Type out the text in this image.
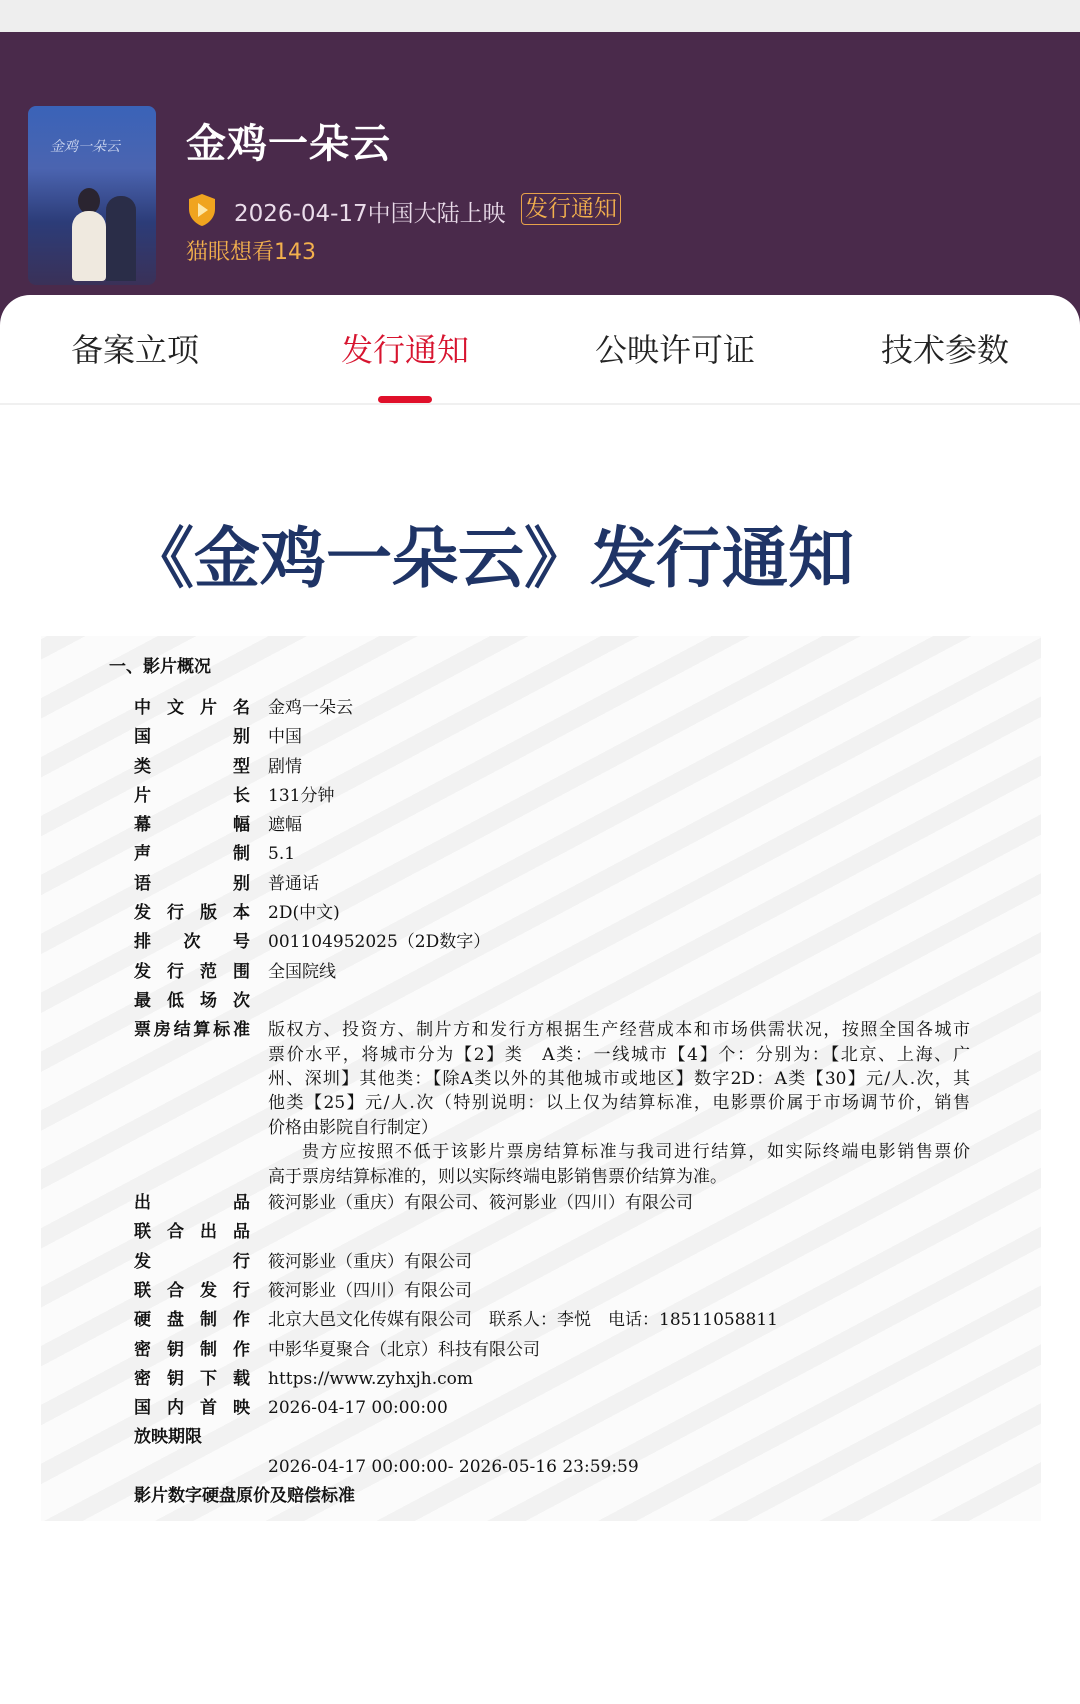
金鸡一朵云 金鸡一朵云
2026-04-17中国大陆上映 发行通知
猫眼想看143
备案立项	发行通知	公映许可证	技术参数
《金鸡一朵云》发行通知
一、影片概况
中文片名 金鸡一朵云
国别 中国
类型 剧情
片长 131分钟
幕幅 遮幅
声制 5.1
语别 普通话
发行版本 2D(中文)
排次号 001104952025（2D数字）
发行范围 全国院线
最低场次
票房结算标准 版权方、投资方、制片方和发行方根据生产经营成本和市场供需状况，按照全国各城市
票价水平，将城市分为【2】类　A类：一线城市【4】个：分别为：【北京、上海、广
州、深圳】其他类：【除A类以外的其他城市或地区】数字2D：A类【30】元/人.次，其
他类【25】元/人.次（特别说明：以上仅为结算标准，电影票价属于市场调节价，销售
价格由影院自行制定）
贵方应按照不低于该影片票房结算标准与我司进行结算，如实际终端电影销售票价
高于票房结算标准的，则以实际终端电影销售票价结算为准。
出品 筱河影业（重庆）有限公司、筱河影业（四川）有限公司
联合出品
发行 筱河影业（重庆）有限公司
联合发行 筱河影业（四川）有限公司
硬盘制作 北京大邑文化传媒有限公司　联系人：李悦　电话：18511058811
密钥制作 中影华夏聚合（北京）科技有限公司
密钥下载 https://www.zyhxjh.com
国内首映 2026-04-17 00:00:00
放映期限
2026-04-17 00:00:00- 2026-05-16 23:59:59
影片数字硬盘原价及赔偿标准
